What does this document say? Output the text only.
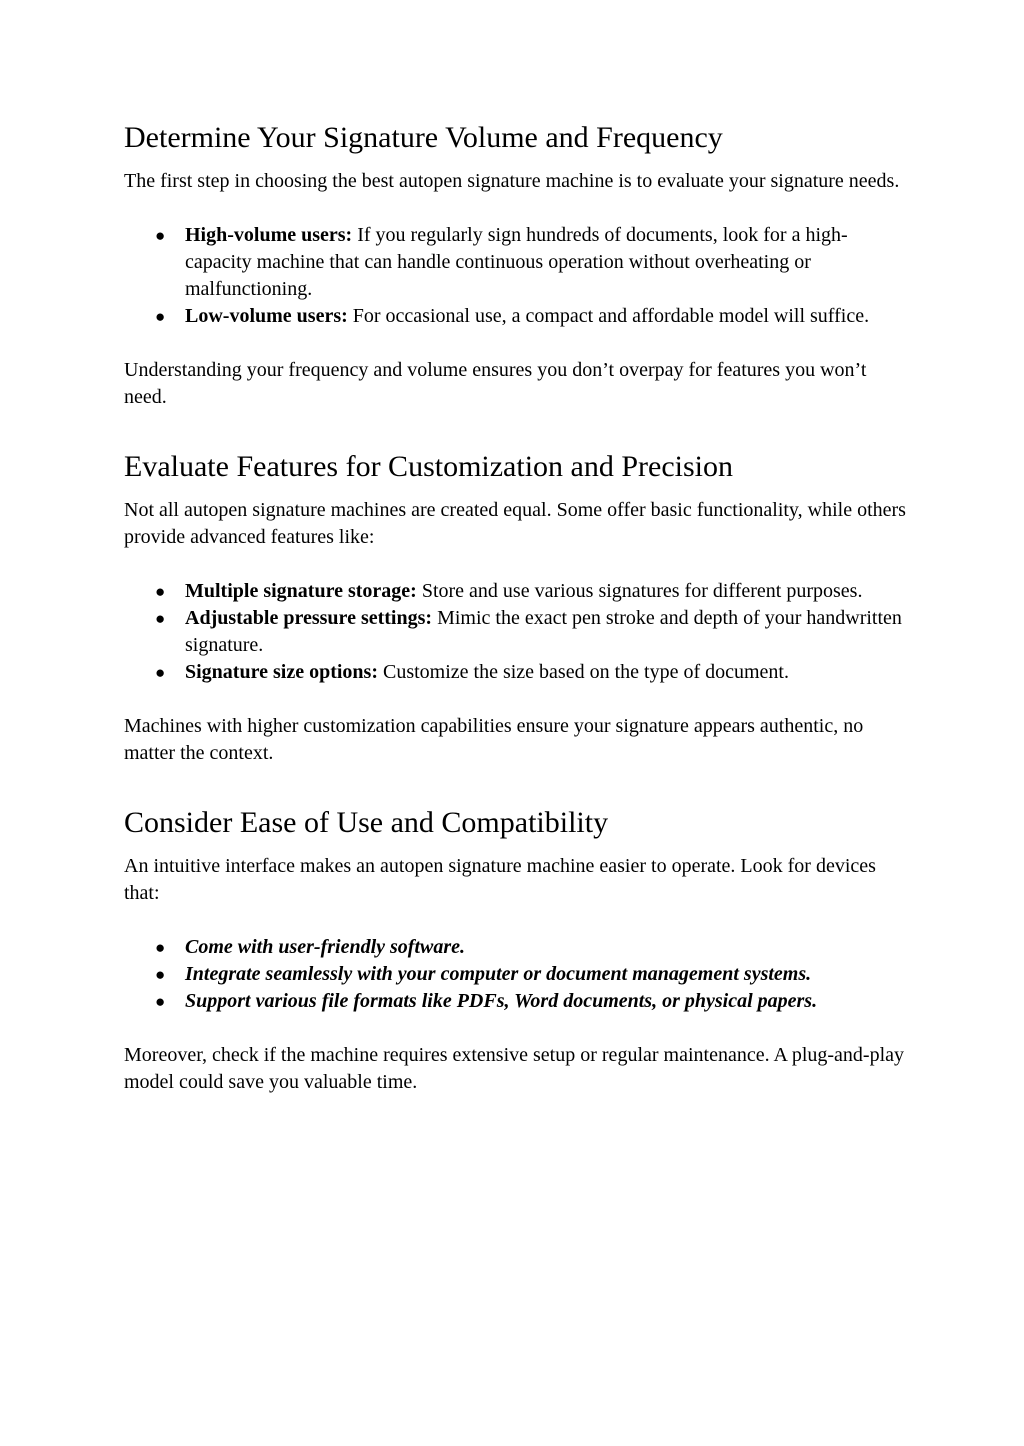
Determine Your Signature Volume and Frequency

The first step in choosing the best autopen signature machine is to evaluate your signature needs.

● High-volume users: If you regularly sign hundreds of documents, look for a high-capacity machine that can handle continuous operation without overheating or malfunctioning.
● Low-volume users: For occasional use, a compact and affordable model will suffice.

Understanding your frequency and volume ensures you don’t overpay for features you won’t need.

Evaluate Features for Customization and Precision

Not all autopen signature machines are created equal. Some offer basic functionality, while others provide advanced features like:

● Multiple signature storage: Store and use various signatures for different purposes.
● Adjustable pressure settings: Mimic the exact pen stroke and depth of your handwritten signature.
● Signature size options: Customize the size based on the type of document.

Machines with higher customization capabilities ensure your signature appears authentic, no matter the context.

Consider Ease of Use and Compatibility

An intuitive interface makes an autopen signature machine easier to operate. Look for devices that:

● Come with user-friendly software.
● Integrate seamlessly with your computer or document management systems.
● Support various file formats like PDFs, Word documents, or physical papers.

Moreover, check if the machine requires extensive setup or regular maintenance. A plug-and-play model could save you valuable time.
